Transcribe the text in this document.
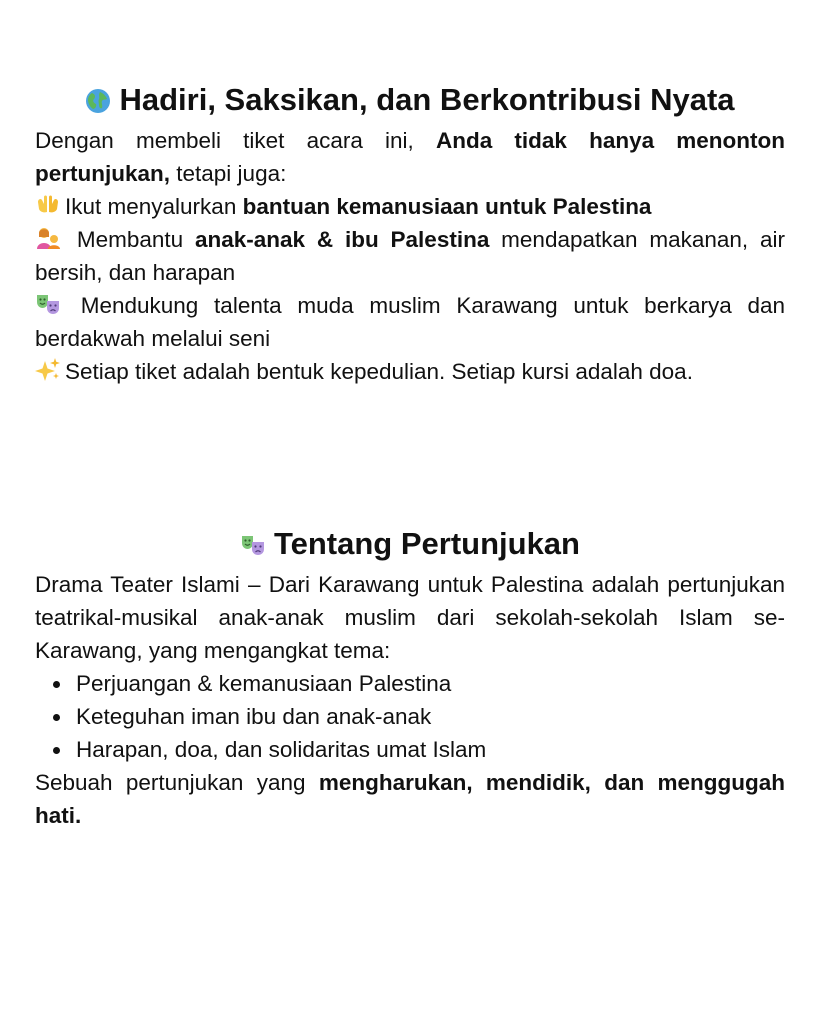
Hadiri, Saksikan, dan Berkontribusi Nyata

Dengan membeli tiket acara ini, Anda tidak hanya menonton pertunjukan, tetapi juga:

Ikut menyalurkan bantuan kemanusiaan untuk Palestina

Membantu anak-anak & ibu Palestina mendapatkan makanan, air bersih, dan harapan

Mendukung talenta muda muslim Karawang untuk berkarya dan berdakwah melalui seni

Setiap tiket adalah bentuk kepedulian. Setiap kursi adalah doa.

Tentang Pertunjukan

Drama Teater Islami – Dari Karawang untuk Palestina adalah pertunjukan teatrikal-musikal anak-anak muslim dari sekolah-sekolah Islam se-Karawang, yang mengangkat tema:

Perjuangan & kemanusiaan Palestina
Keteguhan iman ibu dan anak-anak
Harapan, doa, dan solidaritas umat Islam

Sebuah pertunjukan yang mengharukan, mendidik, dan menggugah hati.
